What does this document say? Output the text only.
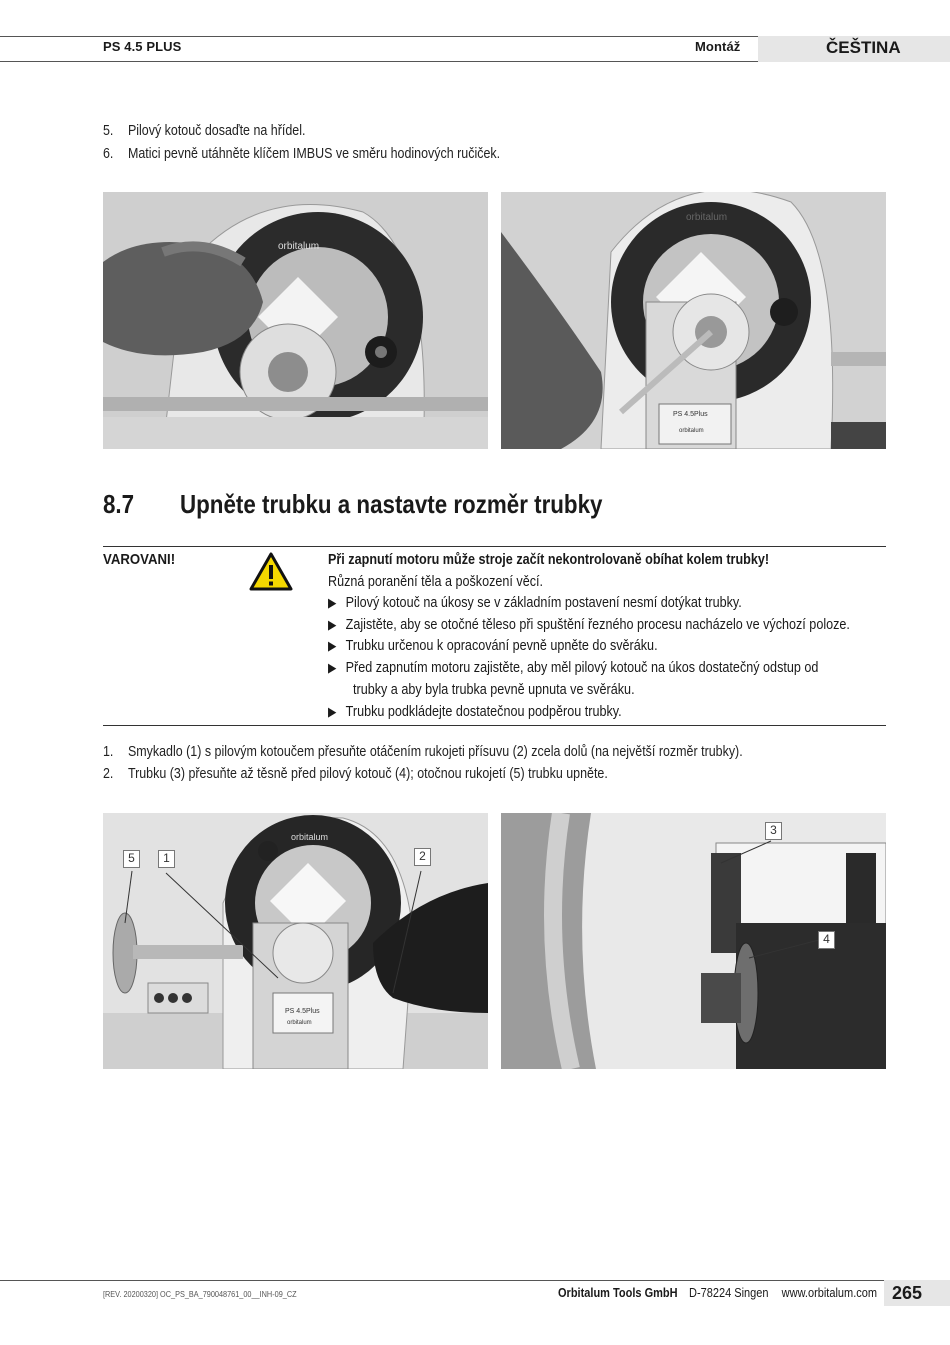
PS 4.5 PLUS	Montáž	ČEŠTINA
5. Pilový kotouč dosaďte na hřídel.
6. Matici pevně utáhněte klíčem IMBUS ve směru hodinových ručiček.
orbitalum
PS 4.5Plus
orbitalum
orbitalum
8.7 Upněte trubku a nastavte rozměr trubky
VAROVANI!	Při zapnutí motoru může stroje začít nekontrolovaně obíhat kolem trubky!
Různá poranění těla a poškození věcí.
▶ Pilový kotouč na úkosy se v základním postavení nesmí dotýkat trubky.
▶ Zajistěte, aby se otočné těleso při spuštění řezného procesu nacházelo ve výchozí poloze.
▶ Trubku určenou k opracování pevně upněte do svěráku.
▶ Před zapnutím motoru zajistěte, aby měl pilový kotouč na úkos dostatečný odstup od
trubky a aby byla trubka pevně upnuta ve svěráku.
▶ Trubku podkládejte dostatečnou podpěrou trubky.
1. Smykadlo (1) s pilovým kotoučem přesuňte otáčením rukojeti přísuvu (2) zcela dolů (na největší rozměr trubky).
2. Trubku (3) přesuňte až těsně před pilový kotouč (4); otočnou rukojetí (5) trubku upněte.
PS 4.5Plus
orbitalum
orbitalum
5	1	2
3
4
[REV. 20200320] OC_PS_BA_790048761_00__INH-09_CZ	Orbitalum Tools GmbH D-78224 Singen www.orbitalum.com 265
